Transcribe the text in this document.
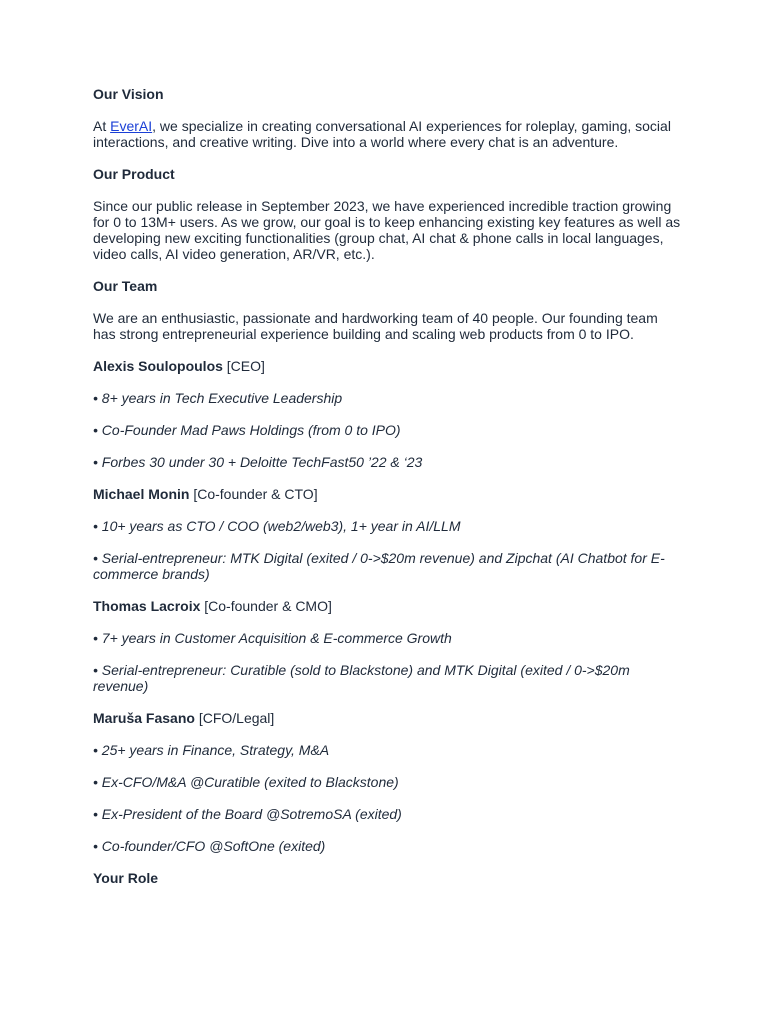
Our Vision

At EverAI, we specialize in creating conversational AI experiences for roleplay, gaming, social interactions, and creative writing. Dive into a world where every chat is an adventure.

Our Product

Since our public release in September 2023, we have experienced incredible traction growing for 0 to 13M+ users. As we grow, our goal is to keep enhancing existing key features as well as developing new exciting functionalities (group chat, AI chat & phone calls in local languages, video calls, AI video generation, AR/VR, etc.).

Our Team

We are an enthusiastic, passionate and hardworking team of 40 people. Our founding team has strong entrepreneurial experience building and scaling web products from 0 to IPO.

Alexis Soulopoulos [CEO]

• 8+ years in Tech Executive Leadership

• Co-Founder Mad Paws Holdings (from 0 to IPO)

• Forbes 30 under 30 + Deloitte TechFast50 ’22 & ‘23

Michael Monin [Co-founder & CTO]

• 10+ years as CTO / COO (web2/web3), 1+ year in AI/LLM

• Serial-entrepreneur: MTK Digital (exited / 0->$20m revenue) and Zipchat (AI Chatbot for E-commerce brands)

Thomas Lacroix [Co-founder & CMO]

• 7+ years in Customer Acquisition & E-commerce Growth

• Serial-entrepreneur: Curatible (sold to Blackstone) and MTK Digital (exited / 0->$20m revenue)

Maruša Fasano [CFO/Legal]

• 25+ years in Finance, Strategy, M&A

• Ex-CFO/M&A @Curatible (exited to Blackstone)

• Ex-President of the Board @SotremoSA (exited)

• Co-founder/CFO @SoftOne (exited)

Your Role
